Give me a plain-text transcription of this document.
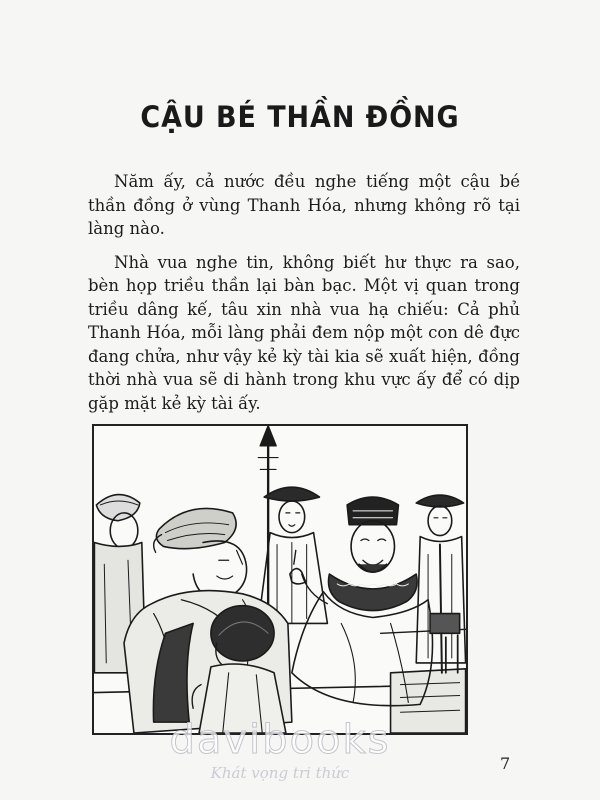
CẬU BÉ THẦN ĐỒNG

Năm ấy, cả nước đều nghe tiếng một cậu bé thần đồng ở vùng Thanh Hóa, nhưng không rõ tại làng nào.

Nhà vua nghe tin, không biết hư thực ra sao, bèn họp triều thần lại bàn bạc. Một vị quan trong triều dâng kế, tâu xin nhà vua hạ chiếu: Cả phủ Thanh Hóa, mỗi làng phải đem nộp một con dê đực đang chửa, như vậy kẻ kỳ tài kia sẽ xuất hiện, đồng thời nhà vua sẽ di hành trong khu vực ấy để có dịp gặp mặt kẻ kỳ tài ấy.

7
davibooks
Khát vọng tri thức
